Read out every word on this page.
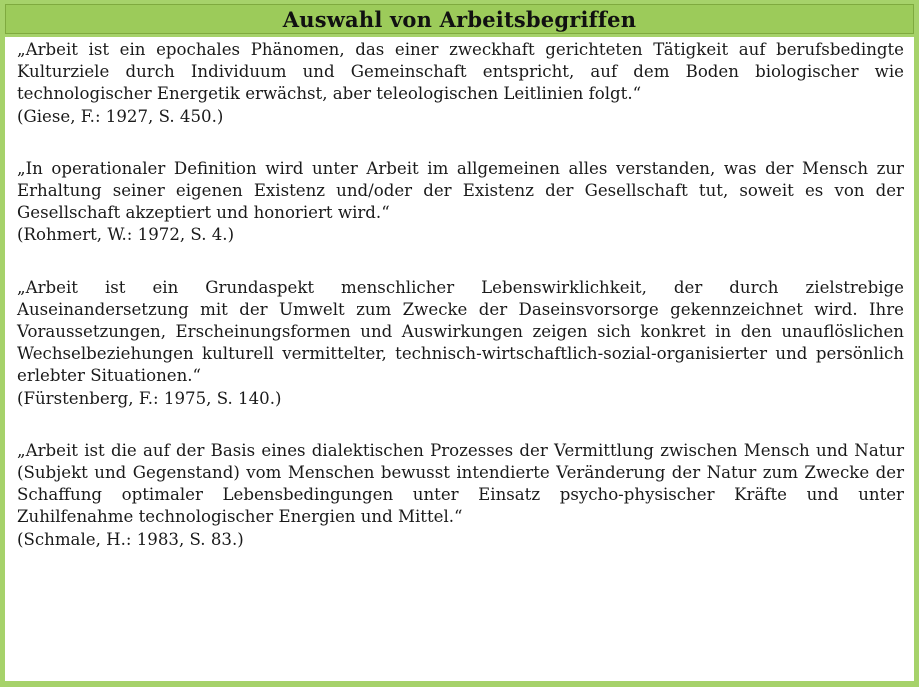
Auswahl von Arbeitsbegriffen

„Arbeit ist ein epochales Phänomen, das einer zweckhaft gerichteten Tätigkeit auf berufsbedingte Kulturziele durch Individuum und Gemeinschaft entspricht, auf dem Boden biologischer wie technologischer Energetik erwächst, aber teleologischen Leitlinien folgt.“

(Giese, F.: 1927, S. 450.)

„In operationaler Definition wird unter Arbeit im allgemeinen alles verstanden, was der Mensch zur Erhaltung seiner eigenen Existenz und/oder der Existenz der Gesellschaft tut, soweit es von der Gesellschaft akzeptiert und honoriert wird.“

(Rohmert, W.: 1972, S. 4.)

„Arbeit ist ein Grundaspekt menschlicher Lebenswirklichkeit, der durch zielstrebige Auseinandersetzung mit der Umwelt zum Zwecke der Daseinsvorsorge gekennzeichnet wird. Ihre Voraussetzungen, Erscheinungsformen und Auswirkungen zeigen sich konkret in den unauflöslichen Wechselbeziehungen kulturell vermittelter, technisch-wirtschaftlich-sozial-organisierter und persönlich erlebter Situationen.“

(Fürstenberg, F.: 1975, S. 140.)

„Arbeit ist die auf der Basis eines dialektischen Prozesses der Vermittlung zwischen Mensch und Natur (Subjekt und Gegenstand) vom Menschen bewusst intendierte Veränderung der Natur zum Zwecke der Schaffung optimaler Lebensbedingungen unter Einsatz psycho-physischer Kräfte und unter Zuhilfenahme technologischer Energien und Mittel.“

(Schmale, H.: 1983, S. 83.)
